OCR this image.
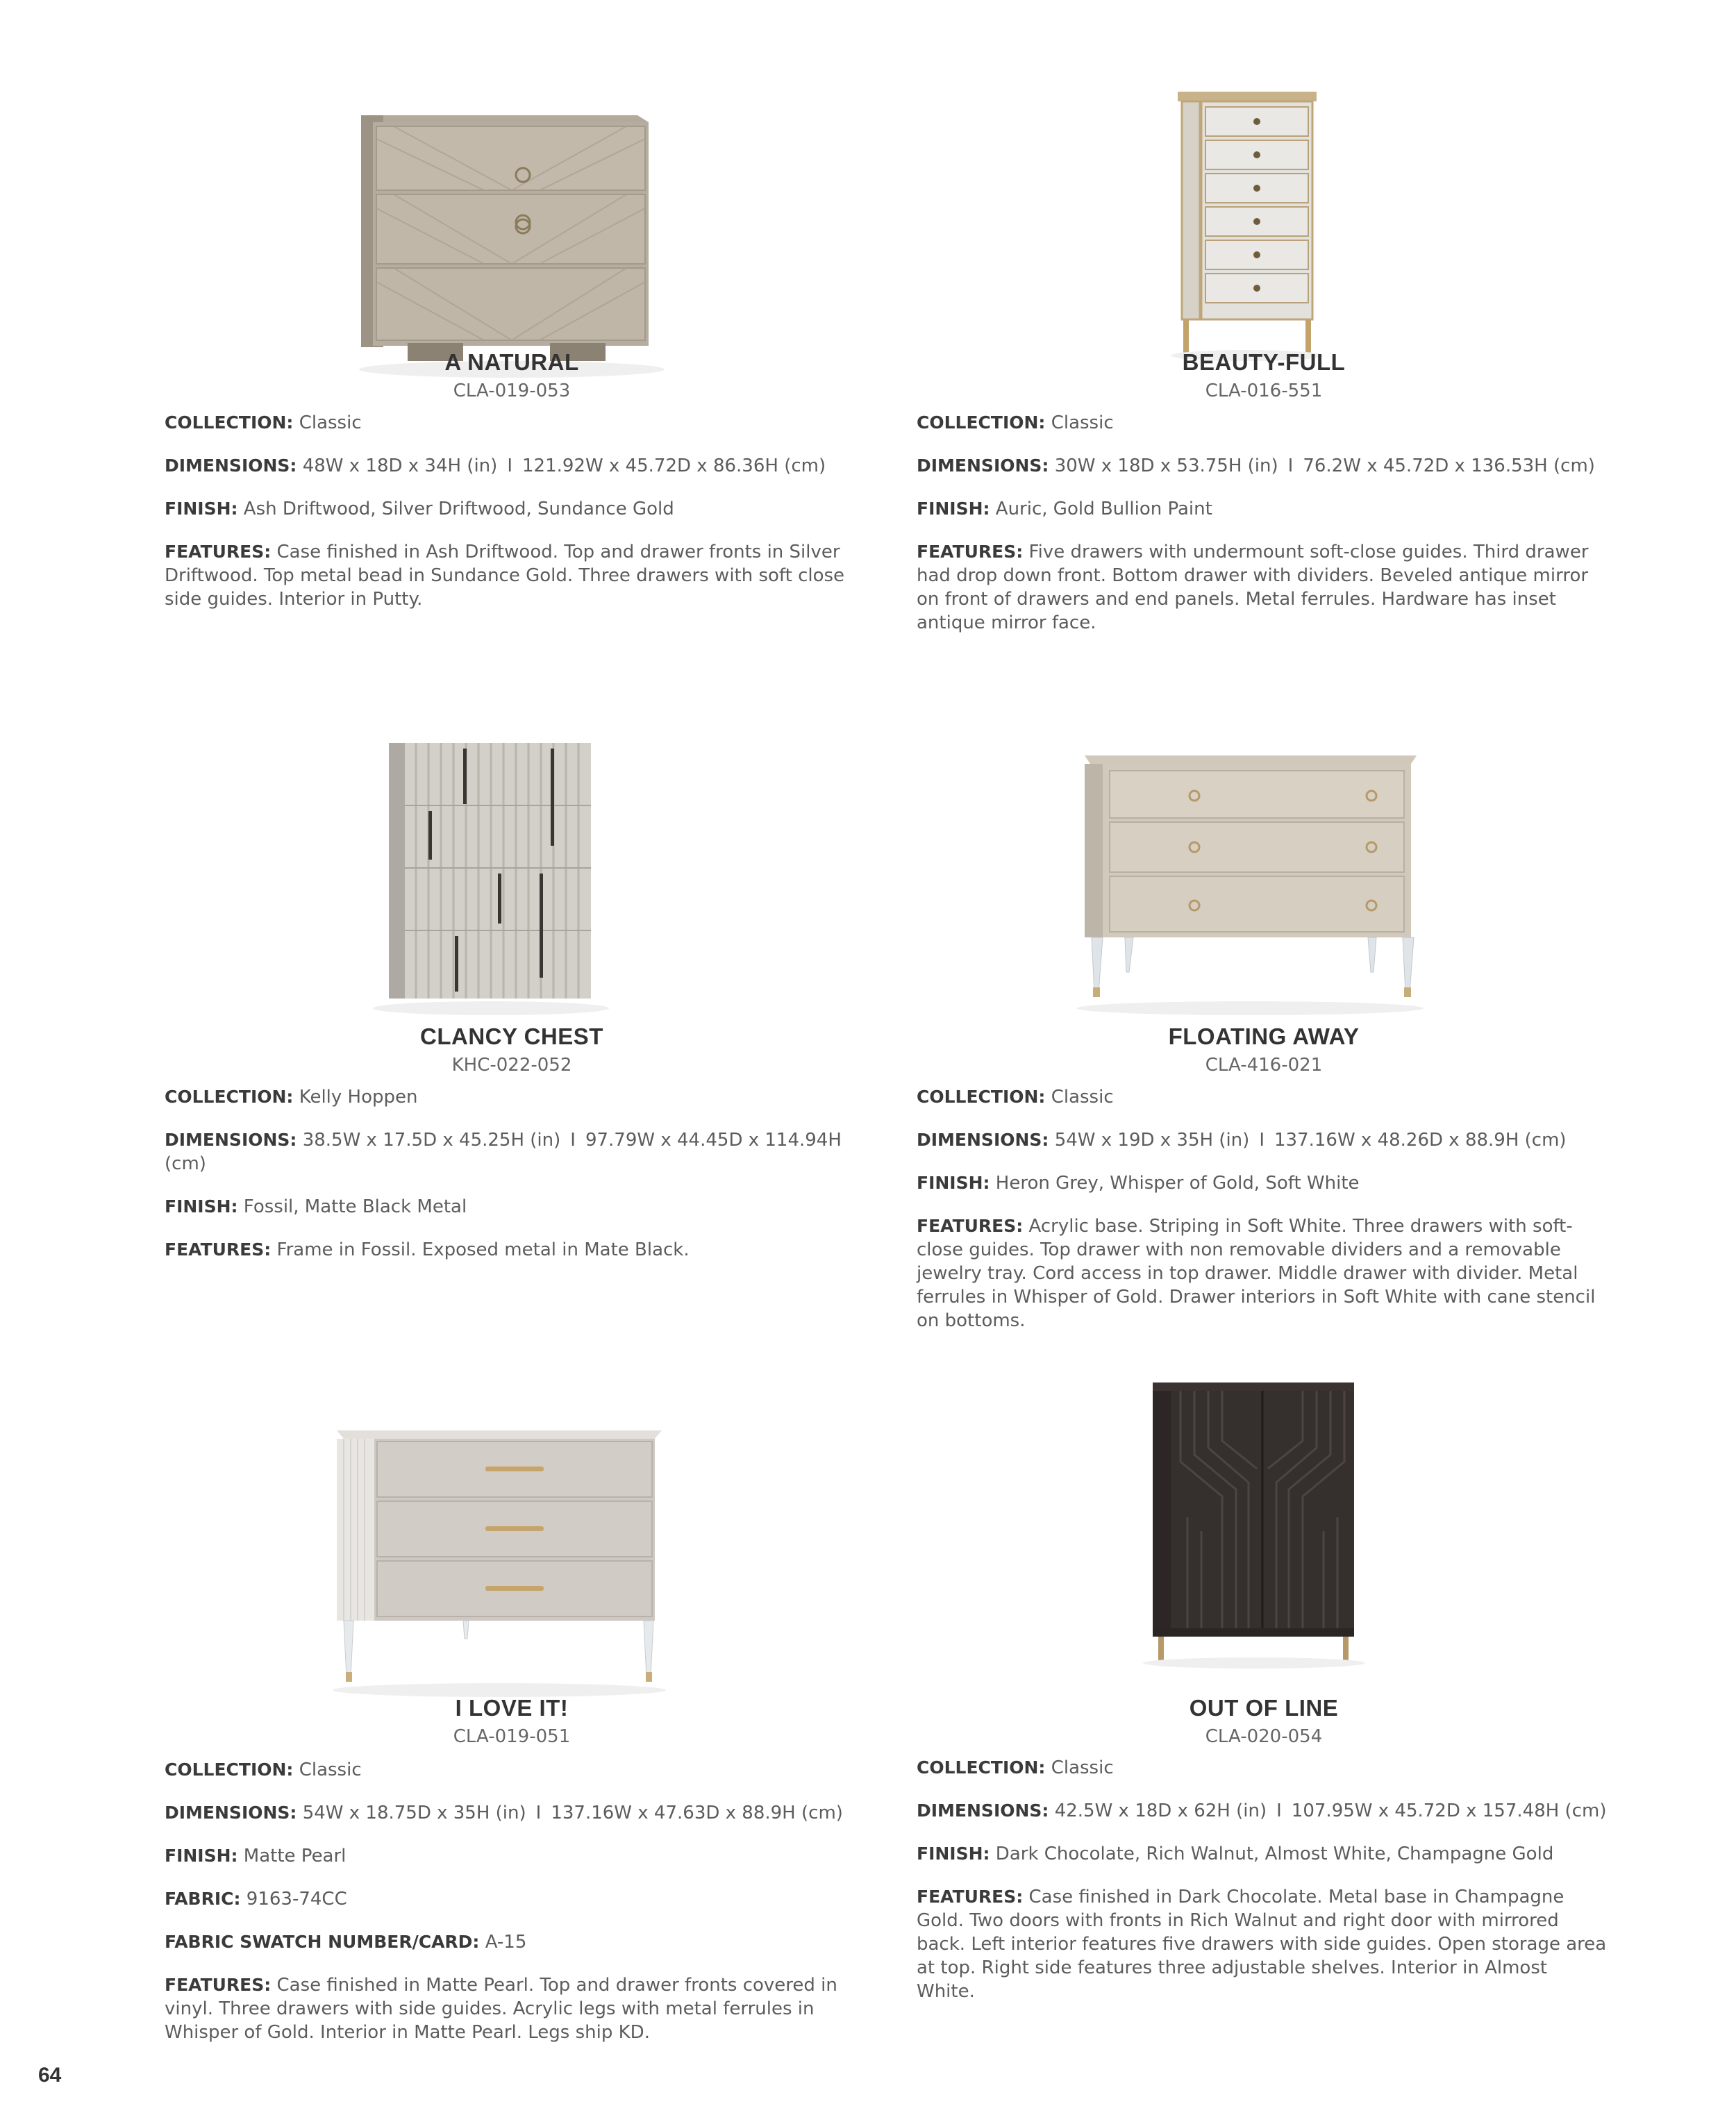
A NATURAL
CLA-019-053
COLLECTION: Classic
DIMENSIONS: 48W x 18D x 34H (in) I 121.92W x 45.72D x 86.36H (cm)
FINISH: Ash Driftwood, Silver Driftwood, Sundance Gold
FEATURES: Case finished in Ash Driftwood. Top and drawer fronts in Silver Driftwood. Top metal bead in Sundance Gold. Three drawers with soft close side guides. Interior in Putty.
BEAUTY-FULL
CLA-016-551
COLLECTION: Classic
DIMENSIONS: 30W x 18D x 53.75H (in) I 76.2W x 45.72D x 136.53H (cm)
FINISH: Auric, Gold Bullion Paint
FEATURES: Five drawers with undermount soft-close guides. Third drawer had drop down front. Bottom drawer with dividers. Beveled antique mirror on front of drawers and end panels. Metal ferrules. Hardware has inset antique mirror face.
CLANCY CHEST
KHC-022-052
COLLECTION: Kelly Hoppen
DIMENSIONS: 38.5W x 17.5D x 45.25H (in) I 97.79W x 44.45D x 114.94H (cm)
FINISH: Fossil, Matte Black Metal
FEATURES: Frame in Fossil. Exposed metal in Mate Black.
FLOATING AWAY
CLA-416-021
COLLECTION: Classic
DIMENSIONS: 54W x 19D x 35H (in) I 137.16W x 48.26D x 88.9H (cm)
FINISH: Heron Grey, Whisper of Gold, Soft White
FEATURES: Acrylic base. Striping in Soft White. Three drawers with soft-close guides. Top drawer with non removable dividers and a removable jewelry tray. Cord access in top drawer. Middle drawer with divider. Metal ferrules in Whisper of Gold. Drawer interiors in Soft White with cane stencil on bottoms.
I LOVE IT!
CLA-019-051
COLLECTION: Classic
DIMENSIONS: 54W x 18.75D x 35H (in) I 137.16W x 47.63D x 88.9H (cm)
FINISH: Matte Pearl
FABRIC: 9163-74CC
FABRIC SWATCH NUMBER/CARD: A-15
FEATURES: Case finished in Matte Pearl. Top and drawer fronts covered in vinyl. Three drawers with side guides. Acrylic legs with metal ferrules in Whisper of Gold. Interior in Matte Pearl. Legs ship KD.
OUT OF LINE
CLA-020-054
COLLECTION: Classic
DIMENSIONS: 42.5W x 18D x 62H (in) I 107.95W x 45.72D x 157.48H (cm)
FINISH: Dark Chocolate, Rich Walnut, Almost White, Champagne Gold
FEATURES: Case finished in Dark Chocolate. Metal base in Champagne Gold. Two doors with fronts in Rich Walnut and right door with mirrored back. Left interior features five drawers with side guides. Open storage area at top. Right side features three adjustable shelves. Interior in Almost White.
64
